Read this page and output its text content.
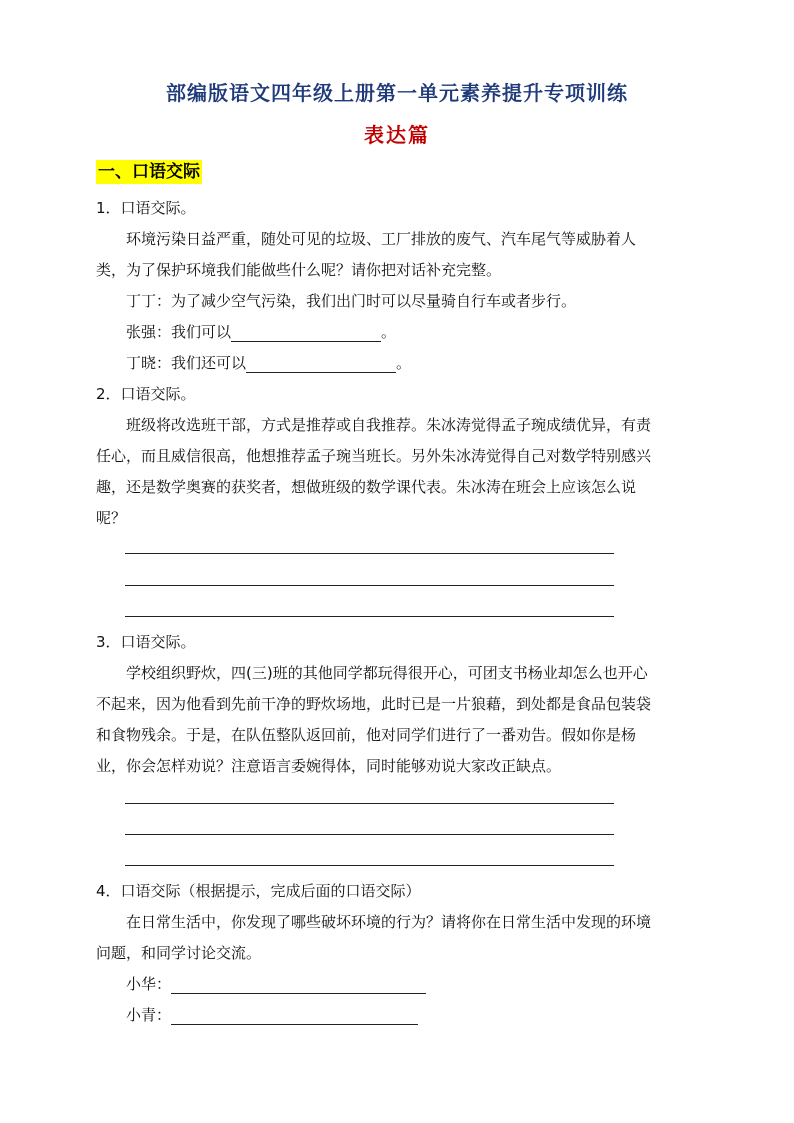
部编版语文四年级上册第一单元素养提升专项训练
表达篇
一、口语交际
1．口语交际。
环境污染日益严重，随处可见的垃圾、工厂排放的废气、汽车尾气等威胁着人
类，为了保护环境我们能做些什么呢？请你把对话补充完整。
丁丁：为了减少空气污染，我们出门时可以尽量骑自行车或者步行。
张强：我们可以	。
丁晓：我们还可以	。
2．口语交际。
班级将改选班干部，方式是推荐或自我推荐。朱冰涛觉得孟子琬成绩优异，有责
任心，而且威信很高，他想推荐孟子琬当班长。另外朱冰涛觉得自己对数学特别感兴
趣，还是数学奥赛的获奖者，想做班级的数学课代表。朱冰涛在班会上应该怎么说
呢？
3．口语交际。
学校组织野炊，四(三)班的其他同学都玩得很开心，可团支书杨业却怎么也开心
不起来，因为他看到先前干净的野炊场地，此时已是一片狼藉，到处都是食品包装袋
和食物残余。于是，在队伍整队返回前，他对同学们进行了一番劝告。假如你是杨
业，你会怎样劝说？注意语言委婉得体，同时能够劝说大家改正缺点。
4．口语交际（根据提示，完成后面的口语交际）
在日常生活中，你发现了哪些破坏环境的行为？请将你在日常生活中发现的环境
问题，和同学讨论交流。
小华：
小青：
